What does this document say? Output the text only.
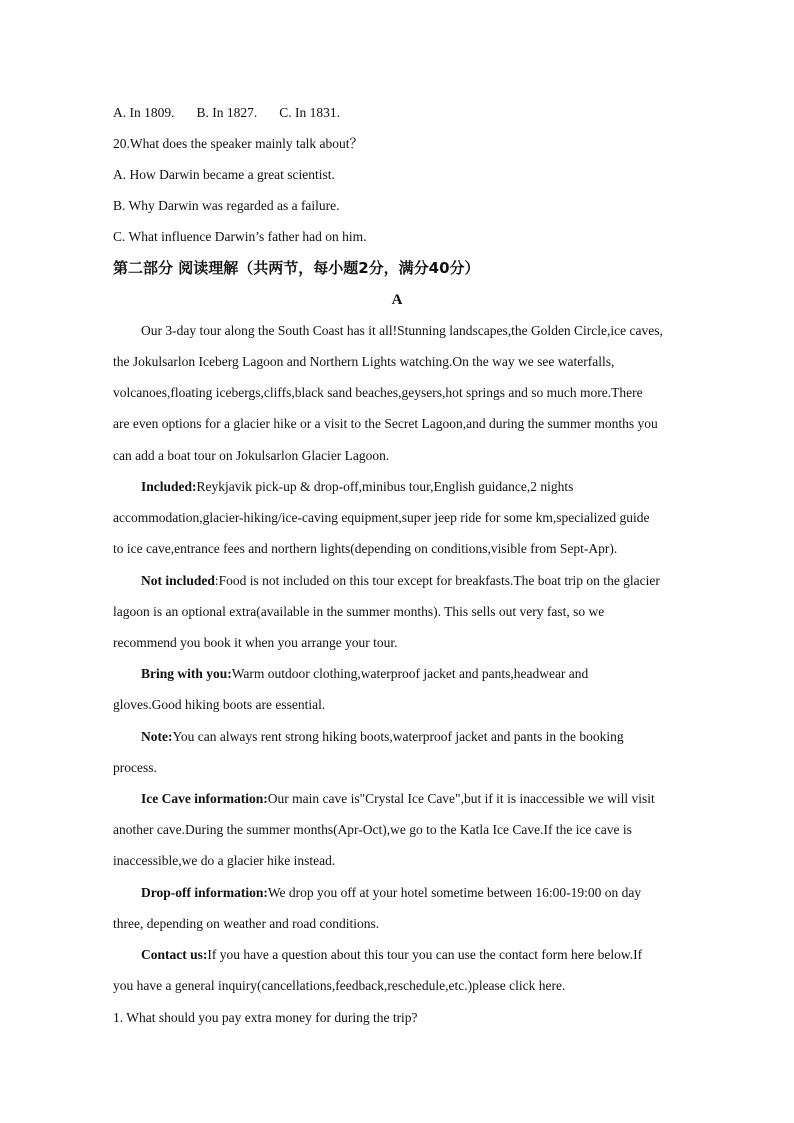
A. In 1809. B. In 1827. C. In 1831.
20.What does the speaker mainly talk about？
A. How Darwin became a great scientist.
B. Why Darwin was regarded as a failure.
C. What influence Darwin’s father had on him.
第二部分 阅读理解（共两节，每小题2分，满分40分）
A
Our 3-day tour along the South Coast has it all!Stunning landscapes,the Golden Circle,ice caves,
the Jokulsarlon Iceberg Lagoon and Northern Lights watching.On the way we see waterfalls,
volcanoes,floating icebergs,cliffs,black sand beaches,geysers,hot springs and so much more.There
are even options for a glacier hike or a visit to the Secret Lagoon,and during the summer months you
can add a boat tour on Jokulsarlon Glacier Lagoon.
Included:Reykjavik pick-up & drop-off,minibus tour,English guidance,2 nights
accommodation,glacier-hiking/ice-caving equipment,super jeep ride for some km,specialized guide
to ice cave,entrance fees and northern lights(depending on conditions,visible from Sept-Apr).
Not included:Food is not included on this tour except for breakfasts.The boat trip on the glacier
lagoon is an optional extra(available in the summer months). This sells out very fast, so we
recommend you book it when you arrange your tour.
Bring with you:Warm outdoor clothing,waterproof jacket and pants,headwear and
gloves.Good hiking boots are essential.
Note:You can always rent strong hiking boots,waterproof jacket and pants in the booking
process.
Ice Cave information:Our main cave is"Crystal Ice Cave",but if it is inaccessible we will visit
another cave.During the summer months(Apr-Oct),we go to the Katla Ice Cave.If the ice cave is
inaccessible,we do a glacier hike instead.
Drop-off information:We drop you off at your hotel sometime between 16:00-19:00 on day
three, depending on weather and road conditions.
Contact us:If you have a question about this tour you can use the contact form here below.If
you have a general inquiry(cancellations,feedback,reschedule,etc.)please click here.
1. What should you pay extra money for during the trip?
